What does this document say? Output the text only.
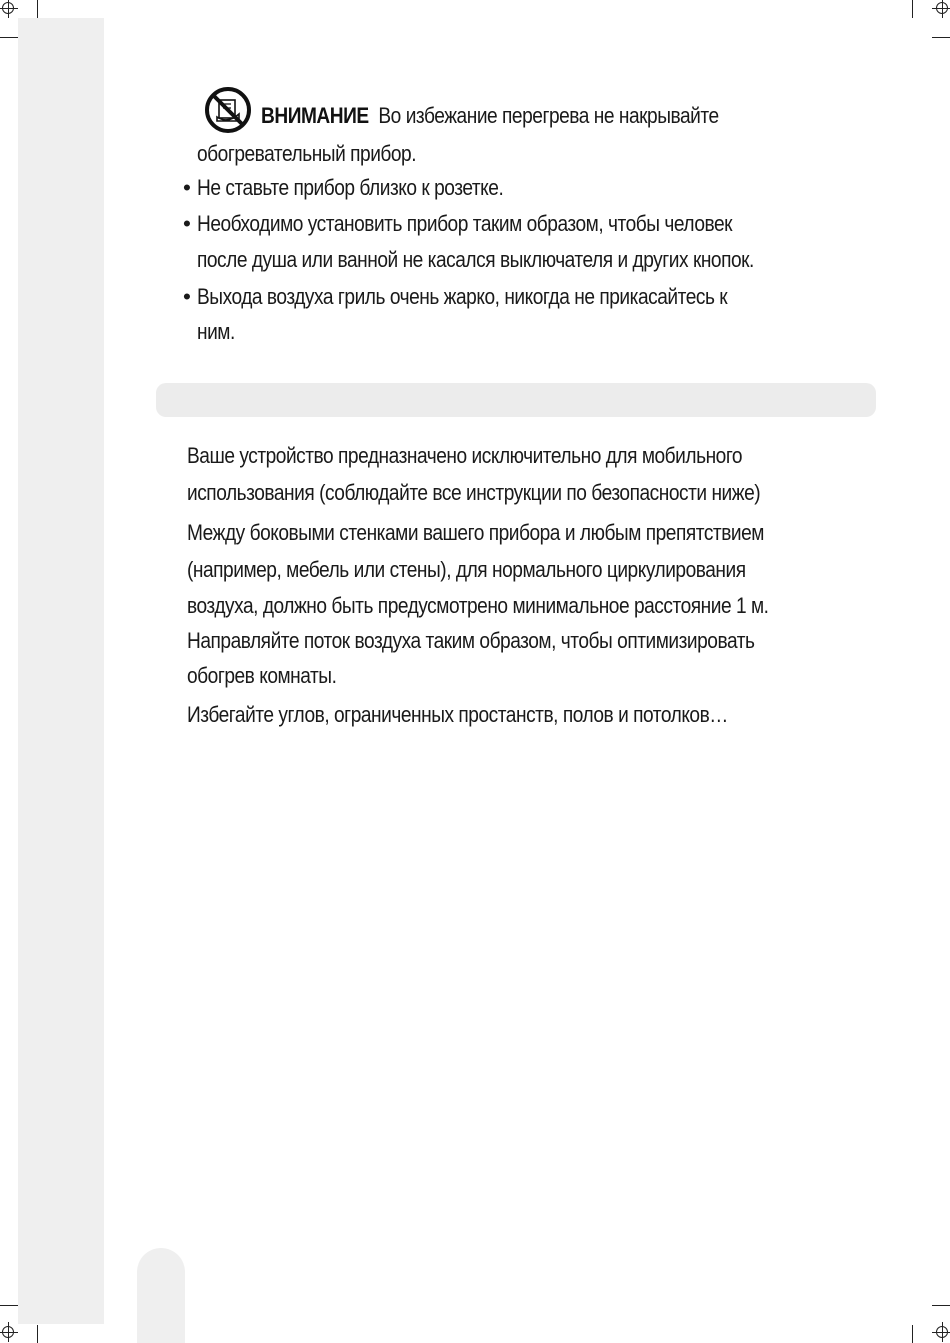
ВНИМАНИЕ Во избежание перегрева не накрывайте
обогревательный прибор.
• Не ставьте прибор близко к розетке.
• Необходимо установить прибор таким образом, чтобы человек
после душа или ванной не касался выключателя и других кнопок.
• Выхода воздуха гриль очень жарко, никогда не прикасайтесь к
ним.
Ваше устройство предназначено исключительно для мобильного
использования (соблюдайте все инструкции по безопасности ниже)
Между боковыми стенками вашего прибора и любым препятствием
(например, мебель или стены), для нормального циркулирования
воздуха, должно быть предусмотрено минимальное расстояние 1 м.
Направляйте поток воздуха таким образом, чтобы оптимизировать
обогрев комнаты.
Избегайте углов, ограниченных простанств, полов и потолков…
